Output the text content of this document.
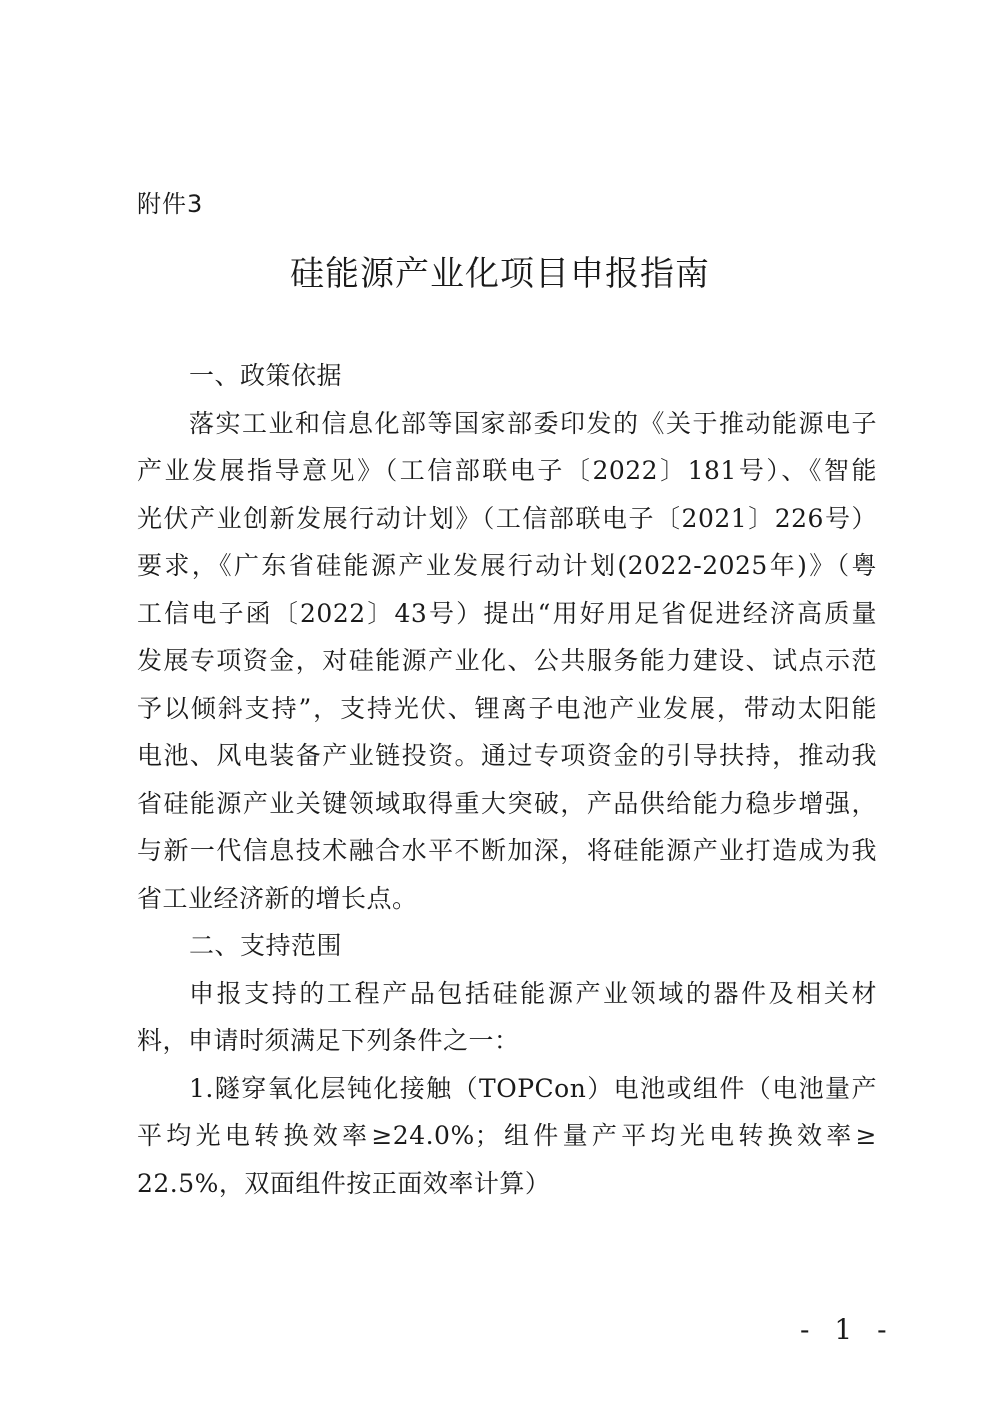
附件3
硅能源产业化项目申报指南
一、政策依据
落实工业和信息化部等国家部委印发的《关于推动能源电子
产业发展指导意见》（工信部联电子〔2022〕181号）、《智能
光伏产业创新发展行动计划》（工信部联电子〔2021〕226号）
要求，《广东省硅能源产业发展行动计划(2022-2025年)》（粤
工信电子函〔2022〕43号）提出“用好用足省促进经济高质量
发展专项资金，对硅能源产业化、公共服务能力建设、试点示范
予以倾斜支持”，支持光伏、锂离子电池产业发展，带动太阳能
电池、风电装备产业链投资。通过专项资金的引导扶持，推动我
省硅能源产业关键领域取得重大突破，产品供给能力稳步增强，
与新一代信息技术融合水平不断加深，将硅能源产业打造成为我
省工业经济新的增长点。
二、支持范围
申报支持的工程产品包括硅能源产业领域的器件及相关材
料，申请时须满足下列条件之一：
1.隧穿氧化层钝化接触（TOPCon）电池或组件（电池量产
平均光电转换效率≥24.0%；组件量产平均光电转换效率≥
22.5%，双面组件按正面效率计算）
- 1 -
